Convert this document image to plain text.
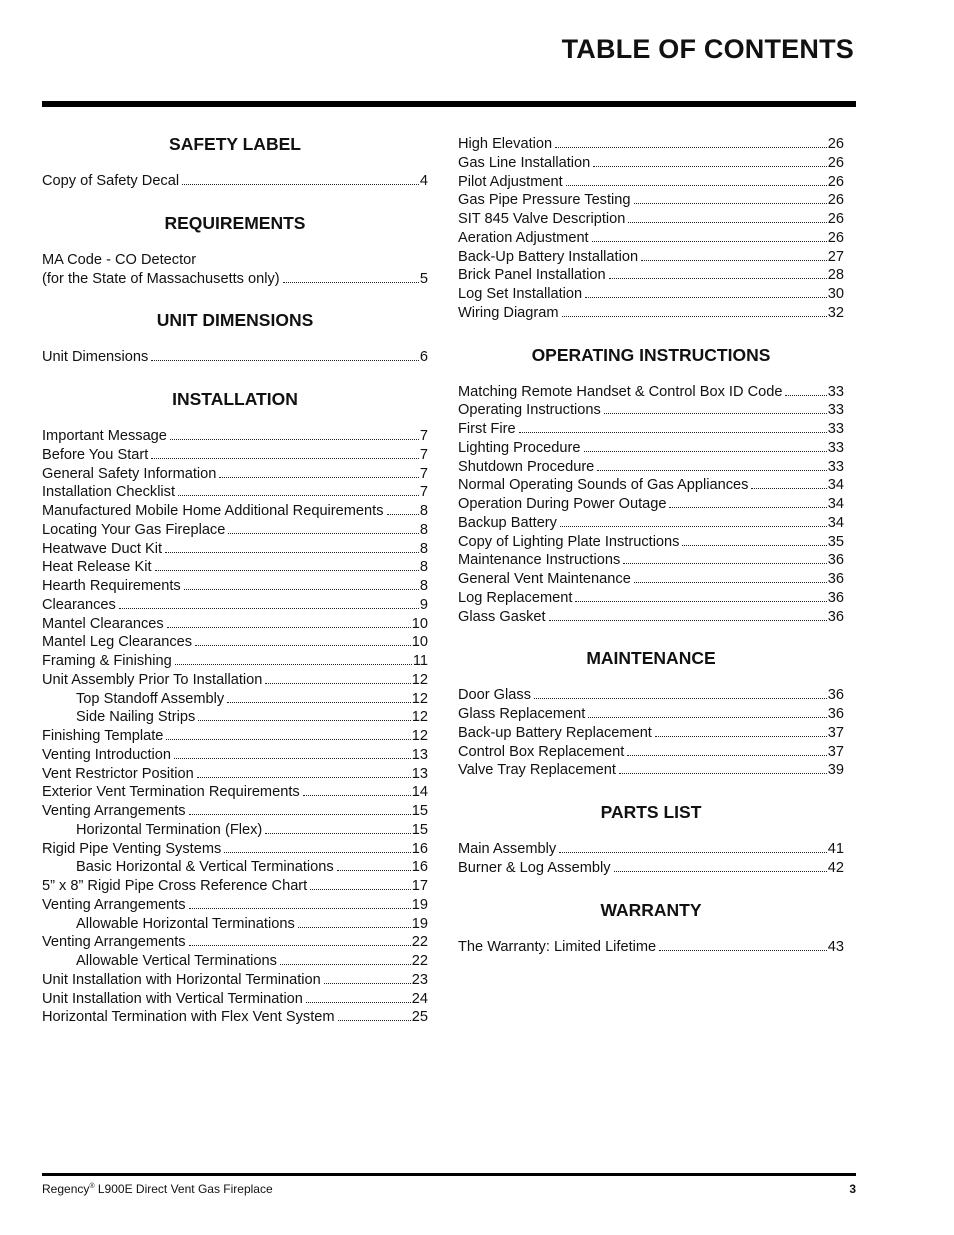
TABLE OF CONTENTS
SAFETY LABEL
Copy of Safety Decal	4
REQUIREMENTS
MA Code - CO Detector
(for the State of Massachusetts only)	5
UNIT DIMENSIONS
Unit Dimensions	6
INSTALLATION
Important Message	7
Before You Start	7
General Safety Information	7
Installation Checklist	7
Manufactured Mobile Home Additional Requirements 8
Locating Your Gas Fireplace	8
Heatwave Duct Kit	8
Heat Release Kit	8
Hearth Requirements	8
Clearances	9
Mantel Clearances	10
Mantel Leg Clearances	10
Framing & Finishing	11
Unit Assembly Prior To Installation	12
Top Standoff Assembly	12
Side Nailing Strips	12
Finishing Template	12
Venting Introduction	13
Vent Restrictor Position	13
Exterior Vent Termination Requirements	14
Venting Arrangements	15
Horizontal Termination (Flex)	15
Rigid Pipe Venting Systems	16
Basic Horizontal & Vertical Terminations	16
5” x 8” Rigid Pipe Cross Reference Chart	17
Venting Arrangements	19
Allowable Horizontal Terminations	19
Venting Arrangements	22
Allowable Vertical Terminations	22
Unit Installation with Horizontal Termination	23
Unit Installation with Vertical Termination	24
Horizontal Termination with Flex Vent System	25
High Elevation	26
Gas Line Installation	26
Pilot Adjustment	26
Gas Pipe Pressure Testing	26
SIT 845 Valve Description	26
Aeration Adjustment	26
Back-Up Battery Installation	27
Brick Panel Installation	28
Log Set Installation	30
Wiring Diagram	32
OPERATING INSTRUCTIONS
Matching Remote Handset & Control Box ID Code	33
Operating Instructions	33
First Fire	33
Lighting Procedure	33
Shutdown Procedure	33
Normal Operating Sounds of Gas Appliances	34
Operation During Power Outage	34
Backup Battery	34
Copy of Lighting Plate Instructions	35
Maintenance Instructions	36
General Vent Maintenance	36
Log Replacement	36
Glass Gasket	36
MAINTENANCE
Door Glass	36
Glass Replacement	36
Back-up Battery Replacement	37
Control Box Replacement	37
Valve Tray Replacement	39
PARTS LIST
Main Assembly	41
Burner & Log Assembly	42
WARRANTY
The Warranty: Limited Lifetime	43
Regency® L900E Direct Vent Gas Fireplace	3
